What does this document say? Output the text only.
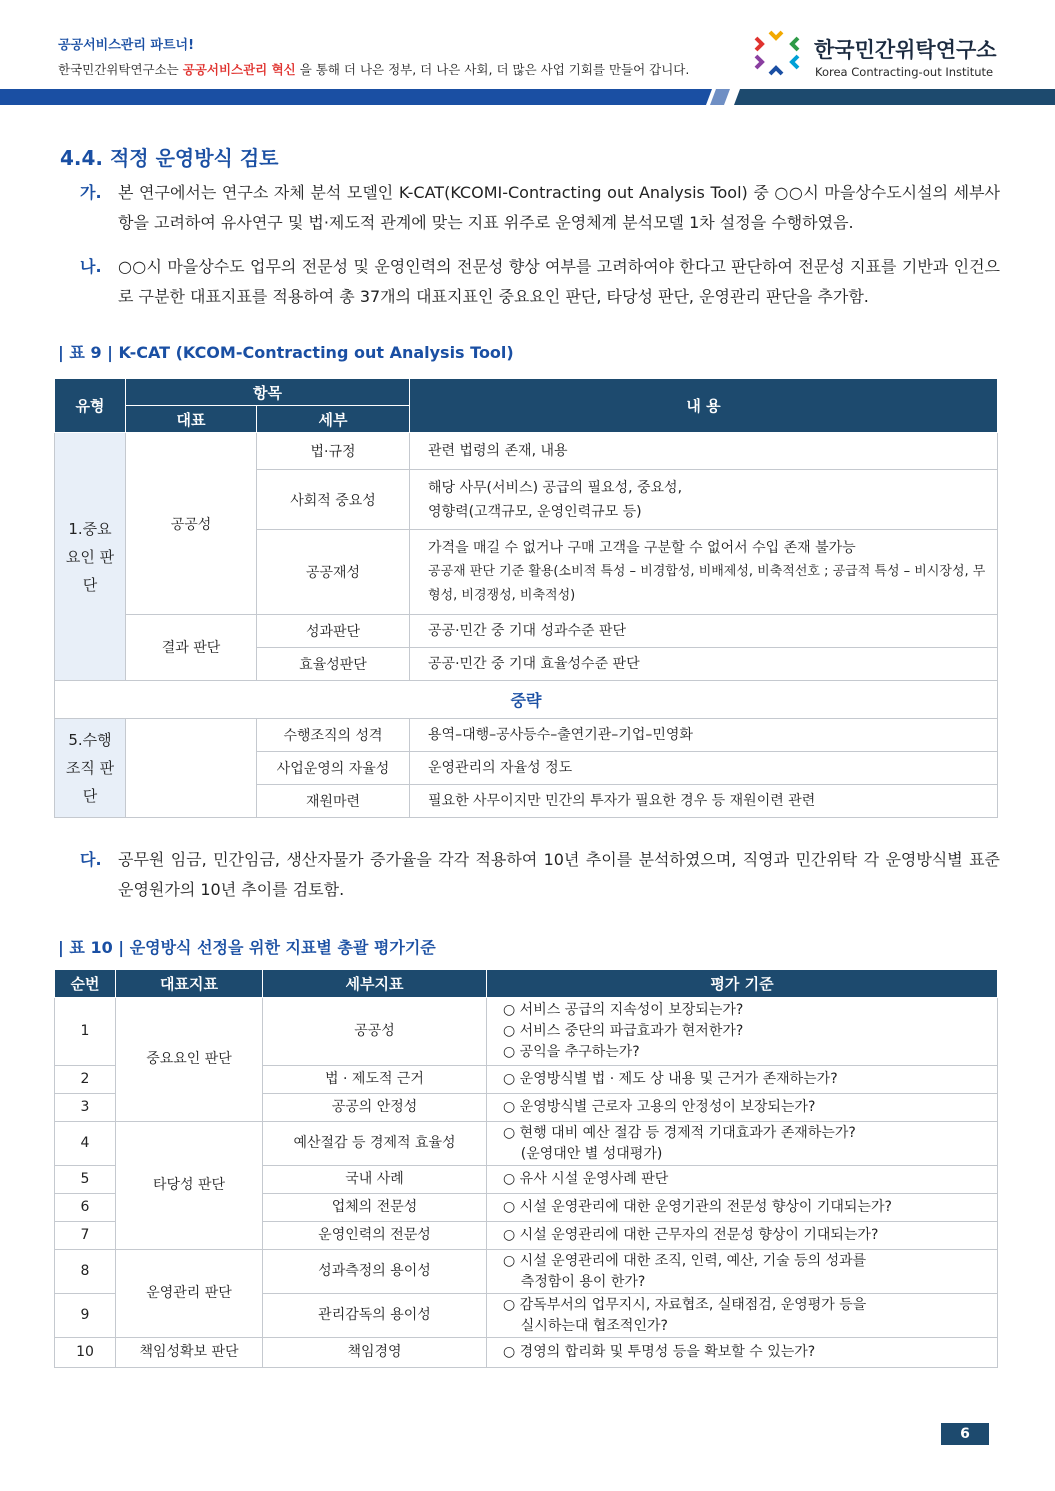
공공서비스관리 파트너!
한국민간위탁연구소는 공공서비스관리 혁신 을 통해 더 나은 정부, 더 나은 사회, 더 많은 사업 기회를 만들어 갑니다.
한국민간위탁연구소
Korea Contracting-out Institute
4.4. 적정 운영방식 검토
가. 본 연구에서는 연구소 자체 분석 모델인 K-CAT(KCOMI-Contracting out Analysis Tool) 중 ○○시 마을상수도시설의 세부사항을 고려하여 유사연구 및 법·제도적 관계에 맞는 지표 위주로 운영체계 분석모델 1차 설정을 수행하였음.
나. ○○시 마을상수도 업무의 전문성 및 운영인력의 전문성 향상 여부를 고려하여야 한다고 판단하여 전문성 지표를 기반과 인건으로 구분한 대표지표를 적용하여 총 37개의 대표지표인 중요요인 판단, 타당성 판단, 운영관리 판단을 추가함.
| 표 9 | K-CAT (KCOM-Contracting out Analysis Tool)
유형	항목		내 용
	대표	세부	
1.중요 요인 판단	공공성	법·규정	관련 법령의 존재, 내용
		사회적 중요성	해당 사무(서비스) 공급의 필요성, 중요성,
영향력(고객규모, 운영인력규모 등)

		공공재성	가격을 매길 수 없거나 구매 고객을 구분할 수 없어서 수입 존재 불가능
공공재 판단 기준 활용(소비적 특성 – 비경합성, 비배제성, 비축적선호 ; 공급적 특성 – 비시장성, 무형성, 비경쟁성, 비축적성)

	결과 판단	성과판단	공공·민간 중 기대 성과수준 판단
		효율성판단	공공·민간 중 기대 효율성수준 판단
중략			
5.수행 조직 판단		수행조직의 성격	용역–대행–공사등수–출연기관–기업–민영화
		사업운영의 자율성	운영관리의 자율성 정도
		재원마련	필요한 사무이지만 민간의 투자가 필요한 경우 등 재원이련 관련
다. 공무원 임금, 민간임금, 생산자물가 증가율을 각각 적용하여 10년 추이를 분석하였으며, 직영과 민간위탁 각 운영방식별 표준 운영원가의 10년 추이를 검토함.
| 표 10 | 운영방식 선정을 위한 지표별 총괄 평가기준
순번	대표지표	세부지표	평가 기준
1	중요요인 판단	공공성	○ 서비스 공급의 지속성이 보장되는가?
○ 서비스 중단의 파급효과가 현저한가?
○ 공익을 추구하는가?

2		법 · 제도적 근거	○ 운영방식별 법 · 제도 상 내용 및 근거가 존재하는가?

3		공공의 안정성	○ 운영방식별 근로자 고용의 안정성이 보장되는가?

4	타당성 판단	예산절감 등 경제적 효율성	○ 현행 대비 예산 절감 등 경제적 기대효과가 존재하는가?
(운영대안 별 성대평가)

5		국내 사례	○ 유사 시설 운영사례 판단

6		업체의 전문성	○ 시설 운영관리에 대한 운영기관의 전문성 향상이 기대되는가?

7		운영인력의 전문성	○ 시설 운영관리에 대한 근무자의 전문성 향상이 기대되는가?

8	운영관리 판단	성과측정의 용이성	○ 시설 운영관리에 대한 조직, 인력, 예산, 기술 등의 성과를
측정함이 용이 한가?

9		관리감독의 용이성	○ 감독부서의 업무지시, 자료협조, 실태점검, 운영평가 등을
실시하는대 협조적인가?

10	책임성확보 판단	책임경영	○ 경영의 합리화 및 투명성 등을 확보할 수 있는가?
6
